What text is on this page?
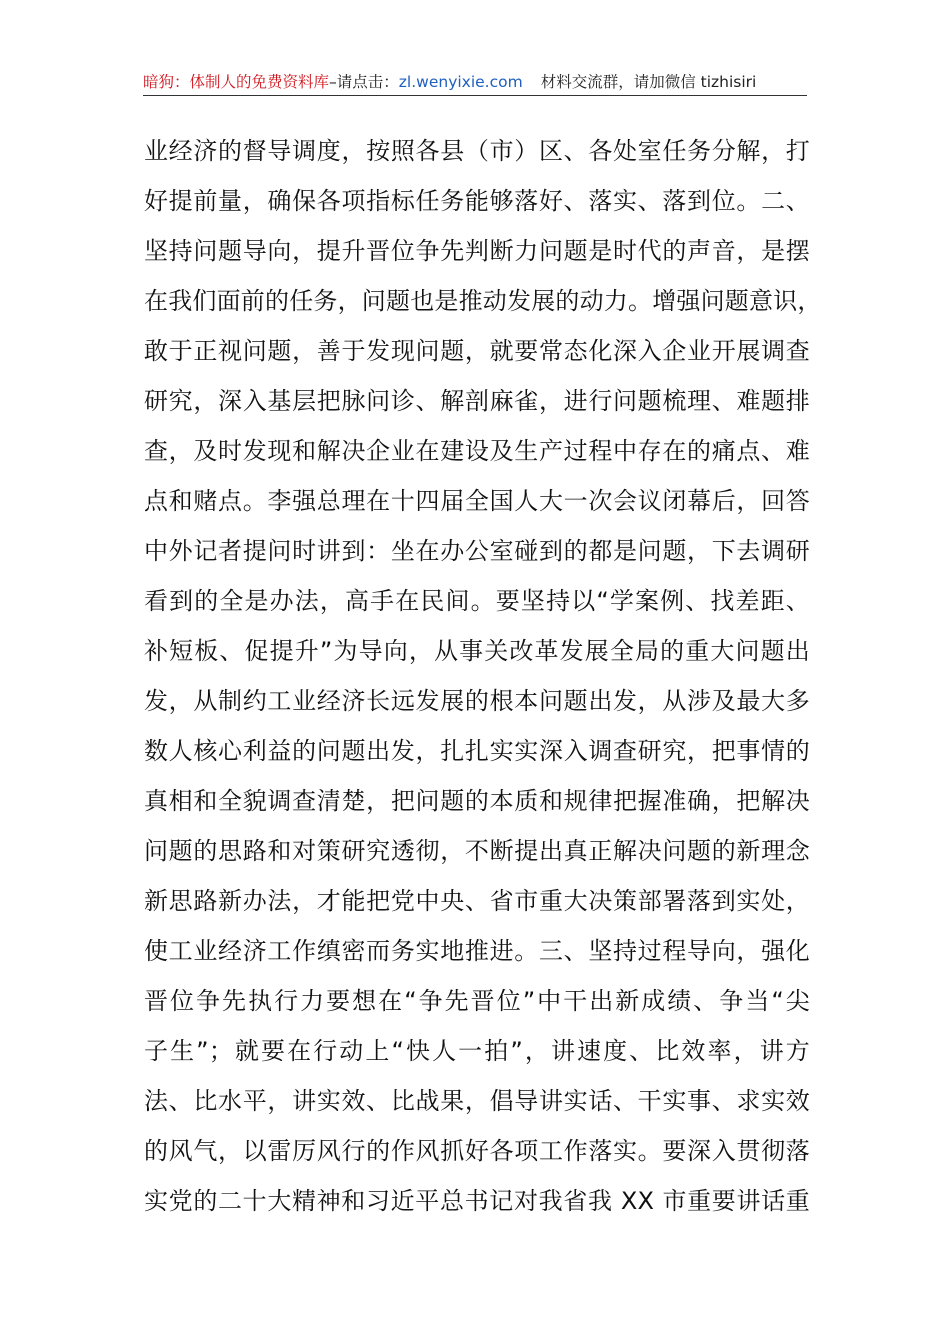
暗狗：体制人的免费资料库–请点击：zl.wenyixie.com 材料交流群，请加微信 tizhisiri
业经济的督导调度，按照各县（市）区、各处室任务分解，打
好提前量，确保各项指标任务能够落好、落实、落到位。二、
坚持问题导向，提升晋位争先判断力问题是时代的声音，是摆
在我们面前的任务，问题也是推动发展的动力。增强问题意识，
敢于正视问题，善于发现问题，就要常态化深入企业开展调查
研究，深入基层把脉问诊、解剖麻雀，进行问题梳理、难题排
查，及时发现和解决企业在建设及生产过程中存在的痛点、难
点和赌点。李强总理在十四届全国人大一次会议闭幕后，回答
中外记者提问时讲到：坐在办公室碰到的都是问题，下去调研
看到的全是办法，高手在民间。要坚持以“学案例、找差距、
补短板、促提升”为导向，从事关改革发展全局的重大问题出
发，从制约工业经济长远发展的根本问题出发，从涉及最大多
数人核心利益的问题出发，扎扎实实深入调查研究，把事情的
真相和全貌调查清楚，把问题的本质和规律把握准确，把解决
问题的思路和对策研究透彻，不断提出真正解决问题的新理念
新思路新办法，才能把党中央、省市重大决策部署落到实处，
使工业经济工作缜密而务实地推进。三、坚持过程导向，强化
晋位争先执行力要想在“争先晋位”中干出新成绩、争当“尖
子生”；就要在行动上“快人一拍”，讲速度、比效率，讲方
法、比水平，讲实效、比战果，倡导讲实话、干实事、求实效
的风气，以雷厉风行的作风抓好各项工作落实。要深入贯彻落
实党的二十大精神和习近平总书记对我省我 XX 市重要讲话重
